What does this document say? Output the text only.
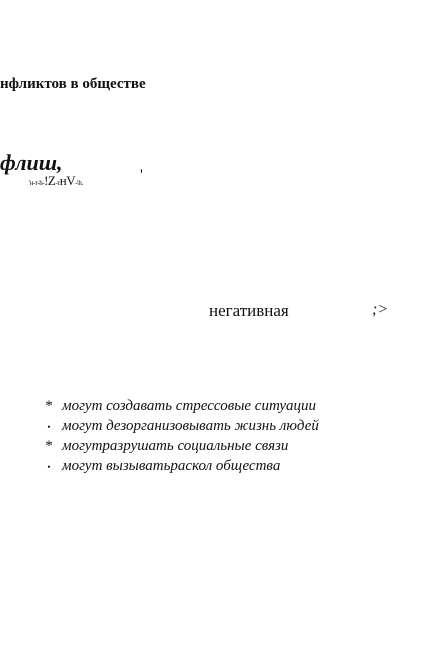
нфликтов в обществе
флиш,
'н-т-h-!Z-тнV-\h.	'
негативная	;>
* могут создавать стрессовые ситуации
• могут дезорганизовывать жизнь людей
* могутразрушать социальные связи
• могут вызыватьраскол общества
